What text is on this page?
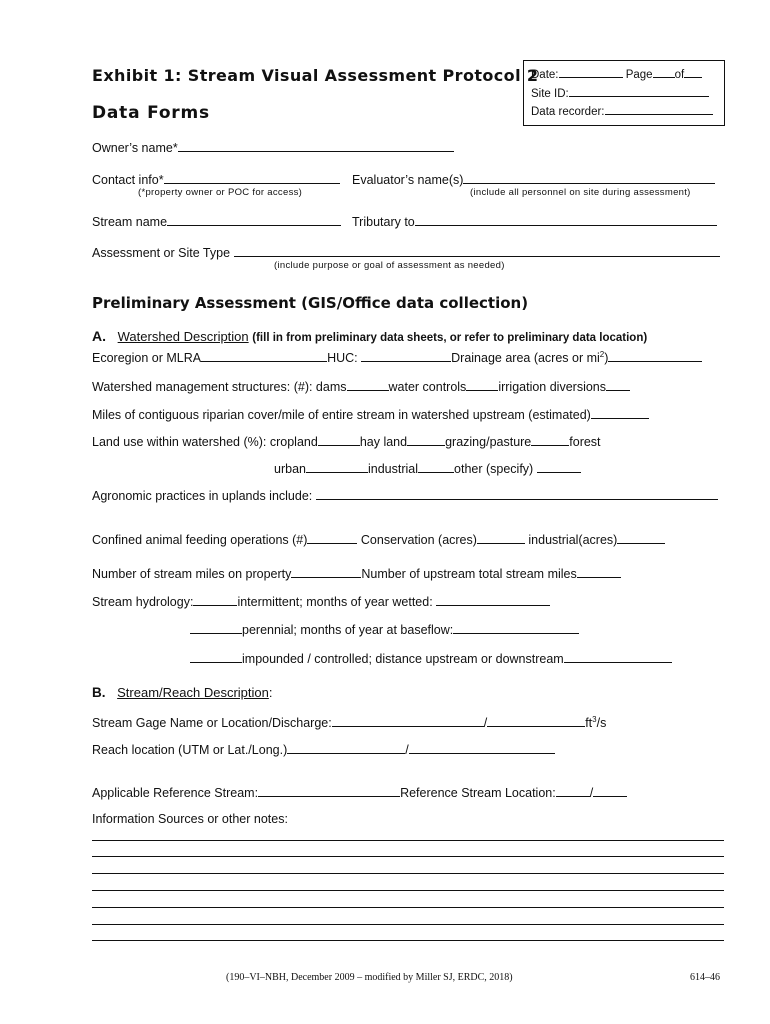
Exhibit 1: Stream Visual Assessment Protocol 2
Data Forms
Date:	Page of
Site ID:
Data recorder:
Owner’s name*
Contact info*	Evaluator’s name(s)
(*property owner or POC for access)	(include all personnel on site during assessment)
Stream name	Tributary to
Assessment or Site Type
(include purpose or goal of assessment as needed)
Preliminary Assessment (GIS/Office data collection)
A. Watershed Description (fill in from preliminary data sheets, or refer to preliminary data location)
Ecoregion or MLRA	HUC:	Drainage area (acres or $mi^2$)
Watershed management structures: (#): dams	water controls	irrigation diversions
Miles of contiguous riparian cover/mile of entire stream in watershed upstream (estimated)
Land use within watershed (%): cropland	hay land	grazing/pasture	forest
urban	industrial	other (specify)
Agronomic practices in uplands include:
Confined animal feeding operations (#)	Conservation (acres)	industrial(acres)
Number of stream miles on property	Number of upstream total stream miles
Stream hydrology:	intermittent; months of year wetted:
perennial; months of year at baseflow:
impounded / controlled; distance upstream or downstream
B. Stream/Reach Description:
Stream Gage Name or Location/Discharge:	/	$ft^3/s$
Reach location (UTM or Lat./Long.)	/
Applicable Reference Stream:	Reference Stream Location:	/
Information Sources or other notes:
(190–VI–NBH, December 2009 – modified by Miller SJ, ERDC, 2018)	614–46
